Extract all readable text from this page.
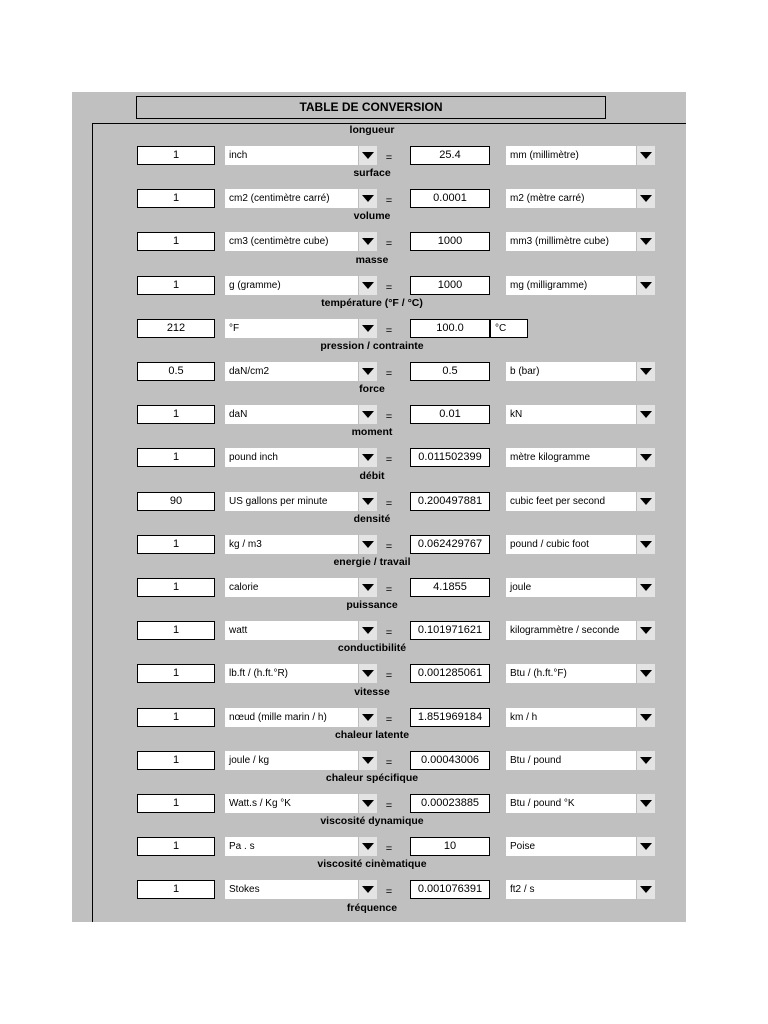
TABLE DE CONVERSION
longueur
1	inch	=	25.4	mm (millimètre)
surface
1	cm2 (centimètre carré)	=	0.0001	m2 (mètre carré)
volume
1	cm3 (centimètre cube)	=	1000	mm3 (millimètre cube)
masse
1	g (gramme)	=	1000	mg (milligramme)
température (°F / °C)
212	°F	=	100.0	°C
pression / contrainte
0.5	daN/cm2	=	0.5	b (bar)
force
1	daN	=	0.01	kN
moment
1	pound inch	=	0.011502399	mètre kilogramme
débit
90	US gallons per minute	=	0.200497881	cubic feet per second
densité
1	kg / m3	=	0.062429767	pound / cubic foot
energie / travail
1	calorie	=	4.1855	joule
puissance
1	watt	=	0.101971621	kilogrammètre / seconde
conductibilité
1	lb.ft / (h.ft.°R)	=	0.001285061	Btu / (h.ft.°F)
vitesse
1	nœud (mille marin / h)	=	1.851969184	km / h
chaleur latente
1	joule / kg	=	0.00043006	Btu / pound
chaleur spécifique
1	Watt.s / Kg °K	=	0.00023885	Btu / pound °K
viscosité dynamique
1	Pa . s	=	10	Poise
viscosité cinèmatique
1	Stokes	=	0.001076391	ft2 / s
fréquence
